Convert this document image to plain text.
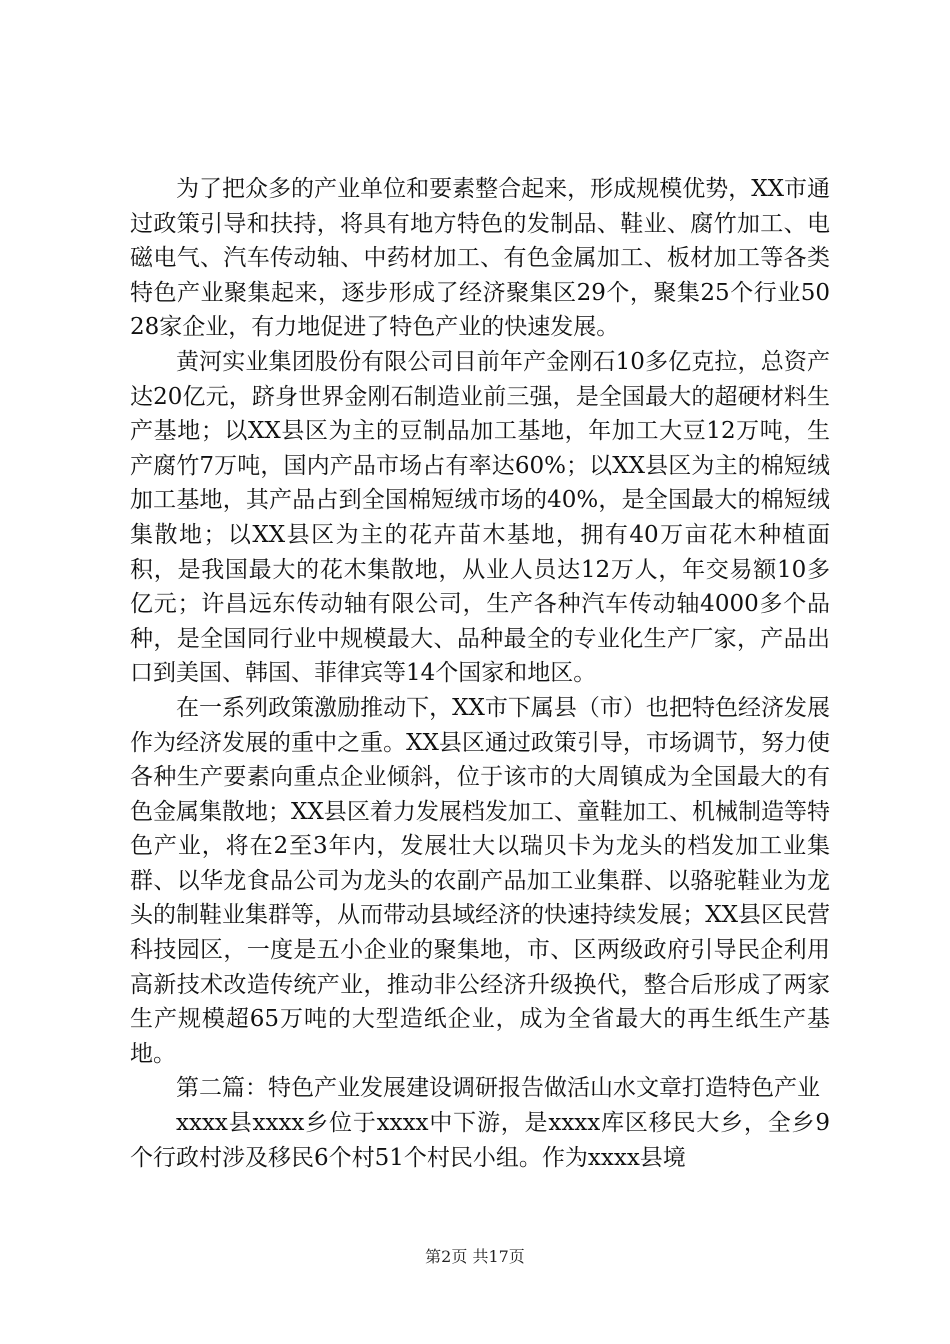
为了把众多的产业单位和要素整合起来，形成规模优势，XX市通过政策引导和扶持，将具有地方特色的发制品、鞋业、腐竹加工、电磁电气、汽车传动轴、中药材加工、有色金属加工、板材加工等各类特色产业聚集起来，逐步形成了经济聚集区29个，聚集25个行业5028家企业，有力地促进了特色产业的快速发展。

黄河实业集团股份有限公司目前年产金刚石10多亿克拉，总资产达20亿元，跻身世界金刚石制造业前三强，是全国最大的超硬材料生产基地；以XX县区为主的豆制品加工基地，年加工大豆12万吨，生产腐竹7万吨，国内产品市场占有率达60%；以XX县区为主的棉短绒加工基地，其产品占到全国棉短绒市场的40%，是全国最大的棉短绒集散地；以XX县区为主的花卉苗木基地，拥有40万亩花木种植面积，是我国最大的花木集散地，从业人员达12万人，年交易额10多亿元；许昌远东传动轴有限公司，生产各种汽车传动轴4000多个品种，是全国同行业中规模最大、品种最全的专业化生产厂家，产品出口到美国、韩国、菲律宾等14个国家和地区。

在一系列政策激励推动下，XX市下属县（市）也把特色经济发展作为经济发展的重中之重。XX县区通过政策引导，市场调节，努力使各种生产要素向重点企业倾斜，位于该市的大周镇成为全国最大的有色金属集散地；XX县区着力发展档发加工、童鞋加工、机械制造等特色产业，将在2至3年内，发展壮大以瑞贝卡为龙头的档发加工业集群、以华龙食品公司为龙头的农副产品加工业集群、以骆驼鞋业为龙头的制鞋业集群等，从而带动县域经济的快速持续发展；XX县区民营科技园区，一度是五小企业的聚集地，市、区两级政府引导民企利用高新技术改造传统产业，推动非公经济升级换代，整合后形成了两家生产规模超65万吨的大型造纸企业，成为全省最大的再生纸生产基地。

第二篇：特色产业发展建设调研报告做活山水文章打造特色产业

xxxx县xxxx乡位于xxxx中下游，是xxxx库区移民大乡，全乡9个行政村涉及移民6个村51个村民小组。作为xxxx县境

第2页 共17页
